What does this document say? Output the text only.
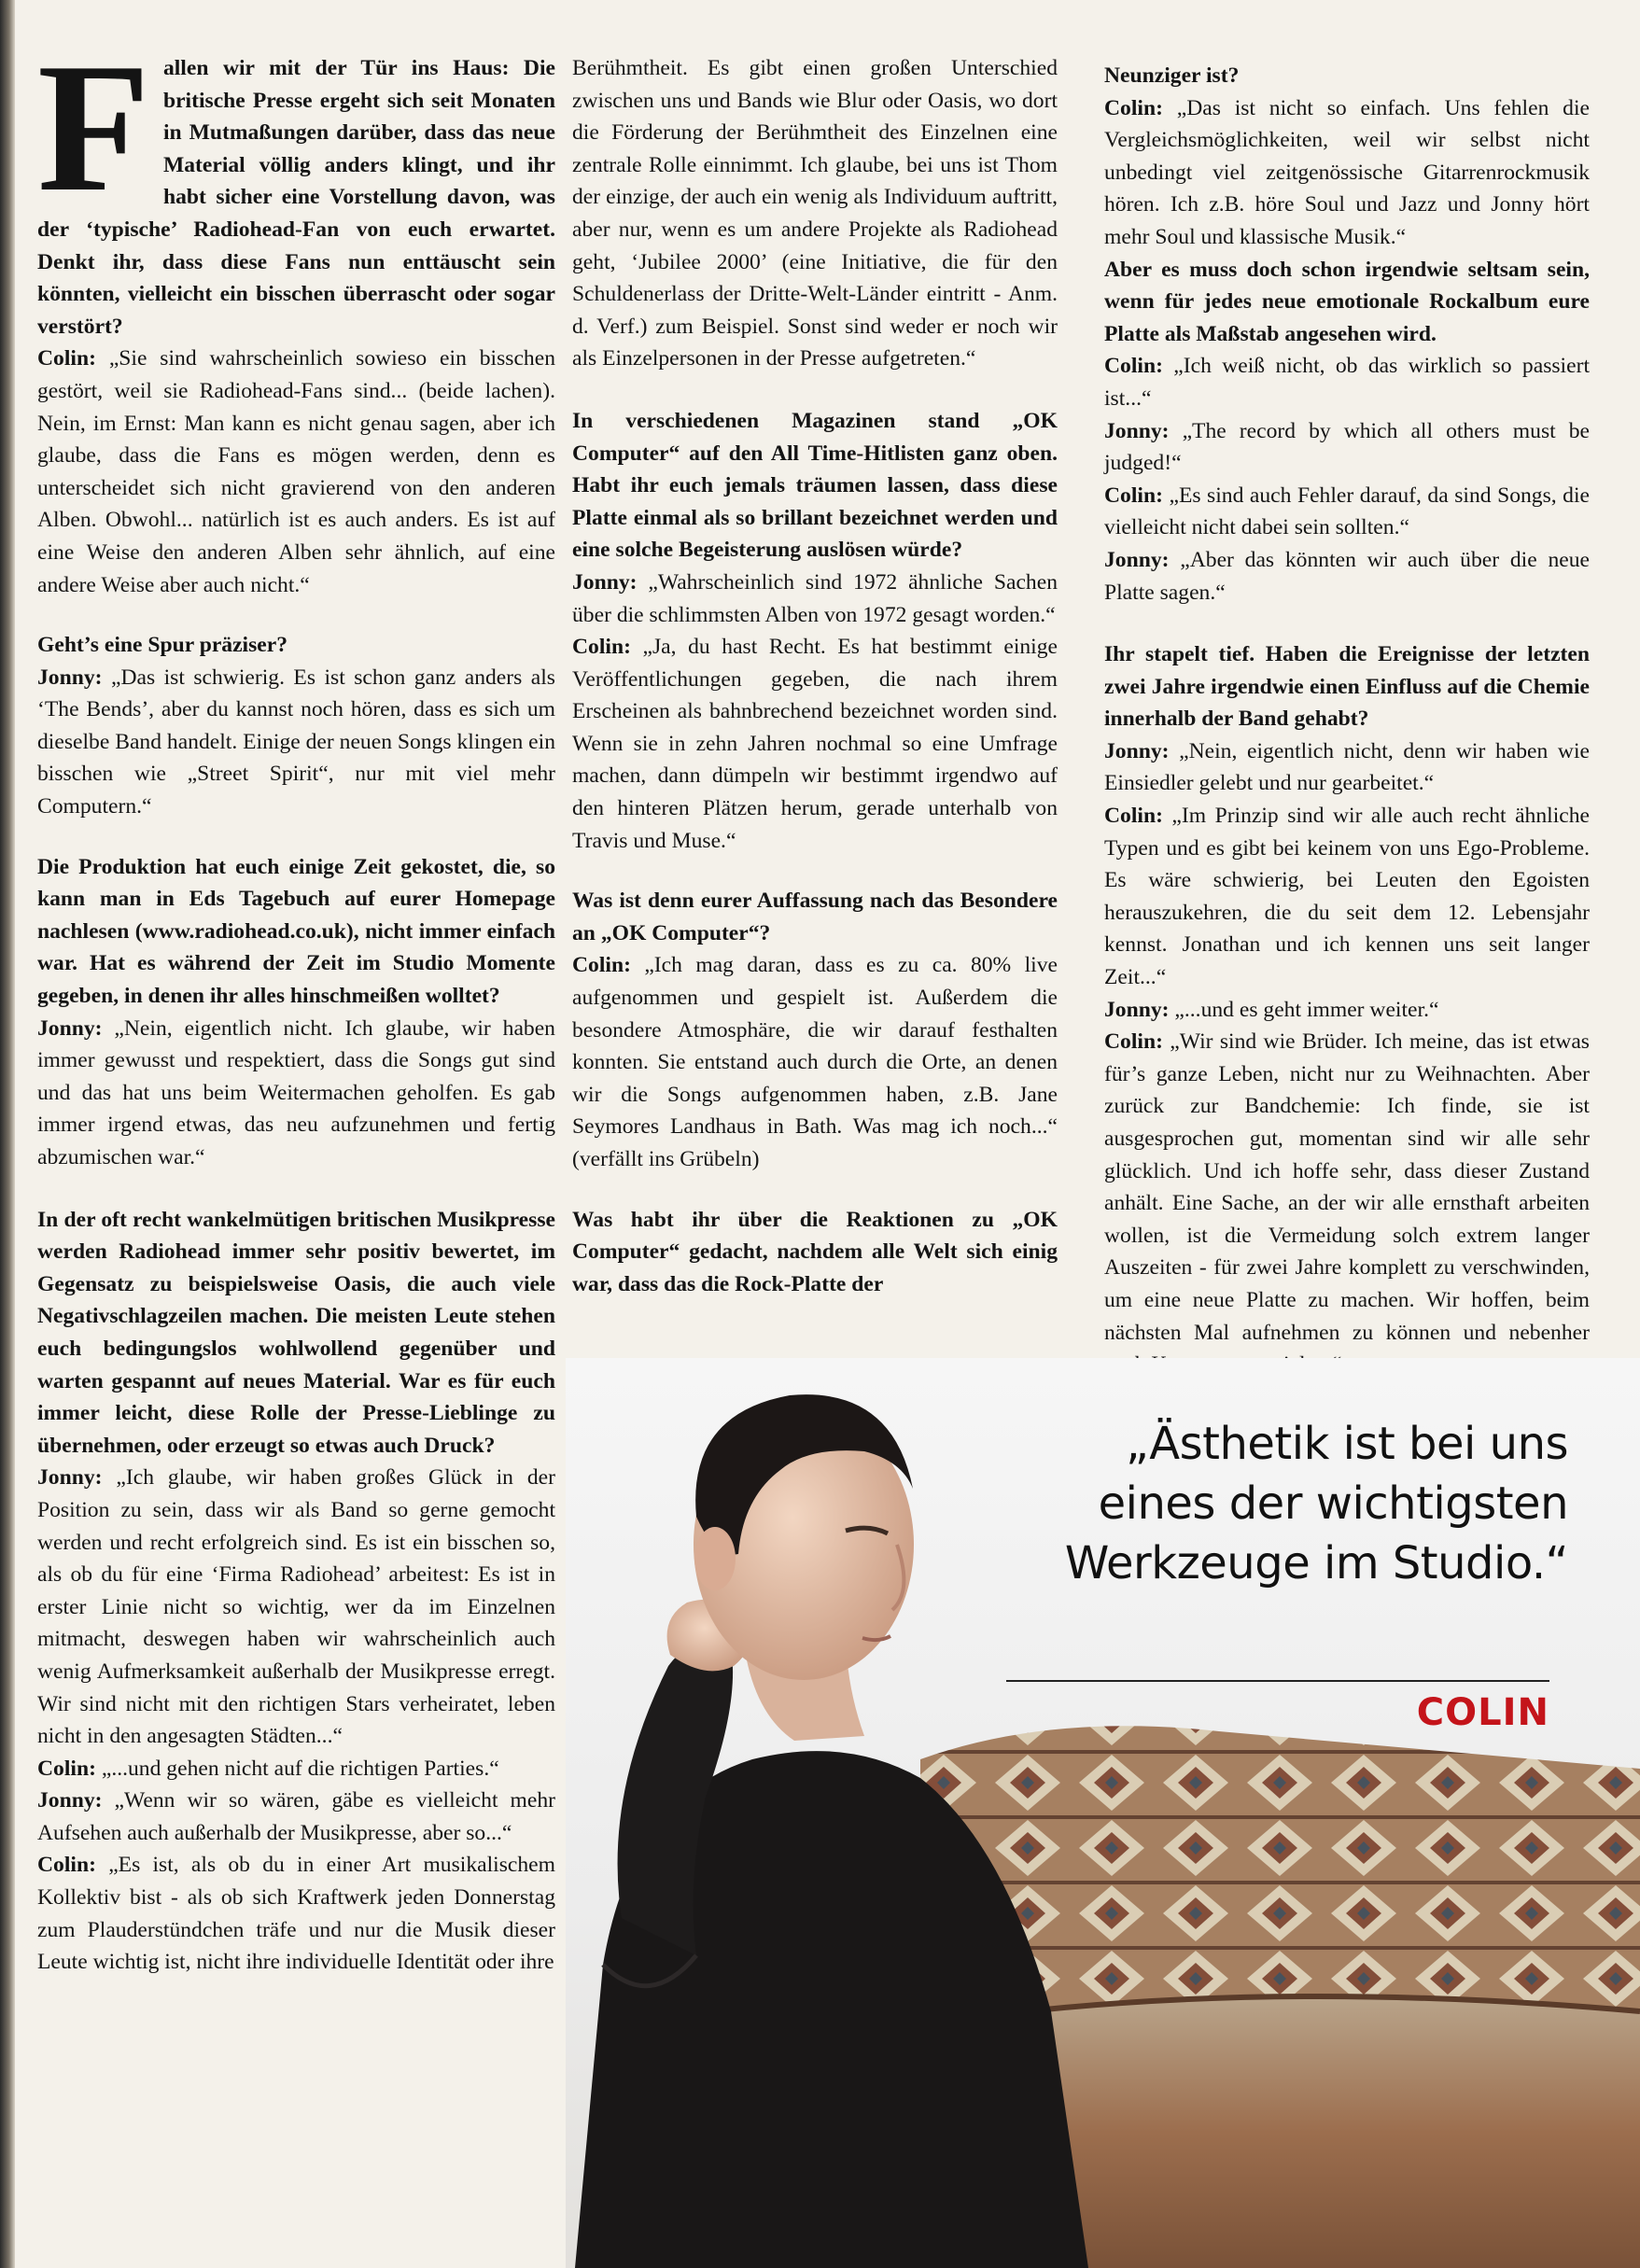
Fallen wir mit der Tür ins Haus: Die britische Presse ergeht sich seit Monaten in Mutmaßungen darüber, dass das neue Material völlig anders klingt, und ihr habt sicher eine Vorstellung davon, was der ‘typische’ Radiohead-Fan von euch erwartet. Denkt ihr, dass diese Fans nun enttäuscht sein könnten, vielleicht ein bisschen überrascht oder sogar verstört?

Colin: „Sie sind wahrscheinlich sowieso ein bisschen gestört, weil sie Radiohead-Fans sind... (beide lachen). Nein, im Ernst: Man kann es nicht genau sagen, aber ich glaube, dass die Fans es mögen werden, denn es unterscheidet sich nicht gravierend von den anderen Alben. Obwohl... natürlich ist es auch anders. Es ist auf eine Weise den anderen Alben sehr ähnlich, auf eine andere Weise aber auch nicht.“

Geht’s eine Spur präziser?

Jonny: „Das ist schwierig. Es ist schon ganz anders als ‘The Bends’, aber du kannst noch hören, dass es sich um dieselbe Band handelt. Einige der neuen Songs klingen ein bisschen wie „Street Spirit“, nur mit viel mehr Computern.“

Die Produktion hat euch einige Zeit gekostet, die, so kann man in Eds Tagebuch auf eurer Homepage nachlesen (www.radiohead.co.uk), nicht immer einfach war. Hat es während der Zeit im Studio Momente gegeben, in denen ihr alles hinschmeißen wolltet?

Jonny: „Nein, eigentlich nicht. Ich glaube, wir haben immer gewusst und respektiert, dass die Songs gut sind und das hat uns beim Weitermachen geholfen. Es gab immer irgend etwas, das neu aufzunehmen und fertig abzumischen war.“

In der oft recht wankelmütigen britischen Musikpresse werden Radiohead immer sehr positiv bewertet, im Gegensatz zu beispielsweise Oasis, die auch viele Negativschlagzeilen machen. Die meisten Leute stehen euch bedingungslos wohlwollend gegenüber und warten gespannt auf neues Material. War es für euch immer leicht, diese Rolle der Presse-Lieblinge zu übernehmen, oder erzeugt so etwas auch Druck?

Jonny: „Ich glaube, wir haben großes Glück in der Position zu sein, dass wir als Band so gerne gemocht werden und recht erfolgreich sind. Es ist ein bisschen so, als ob du für eine ‘Firma Radiohead’ arbeitest: Es ist in erster Linie nicht so wichtig, wer da im Einzelnen mitmacht, deswegen haben wir wahrscheinlich auch wenig Aufmerksamkeit außerhalb der Musikpresse erregt. Wir sind nicht mit den richtigen Stars verheiratet, leben nicht in den angesagten Städten...“

Colin: „...und gehen nicht auf die richtigen Parties.“

Jonny: „Wenn wir so wären, gäbe es vielleicht mehr Aufsehen auch außerhalb der Musikpresse, aber so...“

Colin: „Es ist, als ob du in einer Art musikalischem Kollektiv bist - als ob sich Kraftwerk jeden Donnerstag zum Plauderstündchen träfe und nur die Musik dieser Leute wichtig ist, nicht ihre individuelle Identität oder ihre

Berühmtheit. Es gibt einen großen Unterschied zwischen uns und Bands wie Blur oder Oasis, wo dort die Förderung der Berühmtheit des Einzelnen eine zentrale Rolle einnimmt. Ich glaube, bei uns ist Thom der einzige, der auch ein wenig als Individuum auftritt, aber nur, wenn es um andere Projekte als Radiohead geht, ‘Jubilee 2000’ (eine Initiative, die für den Schuldenerlass der Dritte-Welt-Länder eintritt - Anm. d. Verf.) zum Beispiel. Sonst sind weder er noch wir als Einzelpersonen in der Presse aufgetreten.“

In verschiedenen Magazinen stand „OK Computer“ auf den All Time-Hitlisten ganz oben. Habt ihr euch jemals träumen lassen, dass diese Platte einmal als so brillant bezeichnet werden und eine solche Begeisterung auslösen würde?

Jonny: „Wahrscheinlich sind 1972 ähnliche Sachen über die schlimmsten Alben von 1972 gesagt worden.“

Colin: „Ja, du hast Recht. Es hat bestimmt einige Veröffentlichungen gegeben, die nach ihrem Erscheinen als bahnbrechend bezeichnet worden sind. Wenn sie in zehn Jahren nochmal so eine Umfrage machen, dann dümpeln wir bestimmt irgendwo auf den hinteren Plätzen herum, gerade unterhalb von Travis und Muse.“

Was ist denn eurer Auffassung nach das Besondere an „OK Computer“?

Colin: „Ich mag daran, dass es zu ca. 80% live aufgenommen und gespielt ist. Außerdem die besondere Atmosphäre, die wir darauf festhalten konnten. Sie entstand auch durch die Orte, an denen wir die Songs aufgenommen haben, z.B. Jane Seymores Landhaus in Bath. Was mag ich noch...“ (verfällt ins Grübeln)

Was habt ihr über die Reaktionen zu „OK Computer“ gedacht, nachdem alle Welt sich einig war, dass das die Rock-Platte der

Neunziger ist?

Colin: „Das ist nicht so einfach. Uns fehlen die Vergleichsmöglichkeiten, weil wir selbst nicht unbedingt viel zeitgenössische Gitarrenrockmusik hören. Ich z.B. höre Soul und Jazz und Jonny hört mehr Soul und klassische Musik.“

Aber es muss doch schon irgendwie seltsam sein, wenn für jedes neue emotionale Rockalbum eure Platte als Maßstab angesehen wird.

Colin: „Ich weiß nicht, ob das wirklich so passiert ist...“

Jonny: „The record by which all others must be judged!“

Colin: „Es sind auch Fehler darauf, da sind Songs, die vielleicht nicht dabei sein sollten.“

Jonny: „Aber das könnten wir auch über die neue Platte sagen.“

Ihr stapelt tief. Haben die Ereignisse der letzten zwei Jahre irgendwie einen Einfluss auf die Chemie innerhalb der Band gehabt?

Jonny: „Nein, eigentlich nicht, denn wir haben wie Einsiedler gelebt und nur gearbeitet.“

Colin: „Im Prinzip sind wir alle auch recht ähnliche Typen und es gibt bei keinem von uns Ego-Probleme. Es wäre schwierig, bei Leuten den Egoisten herauszukehren, die du seit dem 12. Lebensjahr kennst. Jonathan und ich kennen uns seit langer Zeit...“

Jonny: „...und es geht immer weiter.“

Colin: „Wir sind wie Brüder. Ich meine, das ist etwas für’s ganze Leben, nicht nur zu Weihnachten. Aber zurück zur Bandchemie: Ich finde, sie ist ausgesprochen gut, momentan sind wir alle sehr glücklich. Und ich hoffe sehr, dass dieser Zustand anhält. Eine Sache, an der wir alle ernsthaft arbeiten wollen, ist die Vermeidung solch extrem langer Auszeiten - für zwei Jahre komplett zu verschwinden, um eine neue Platte zu machen. Wir hoffen, beim nächsten Mal aufnehmen zu können und nebenher

„Ästhetik ist bei uns
eines der wichtigsten
Werkzeuge im Studio.“
COLIN
